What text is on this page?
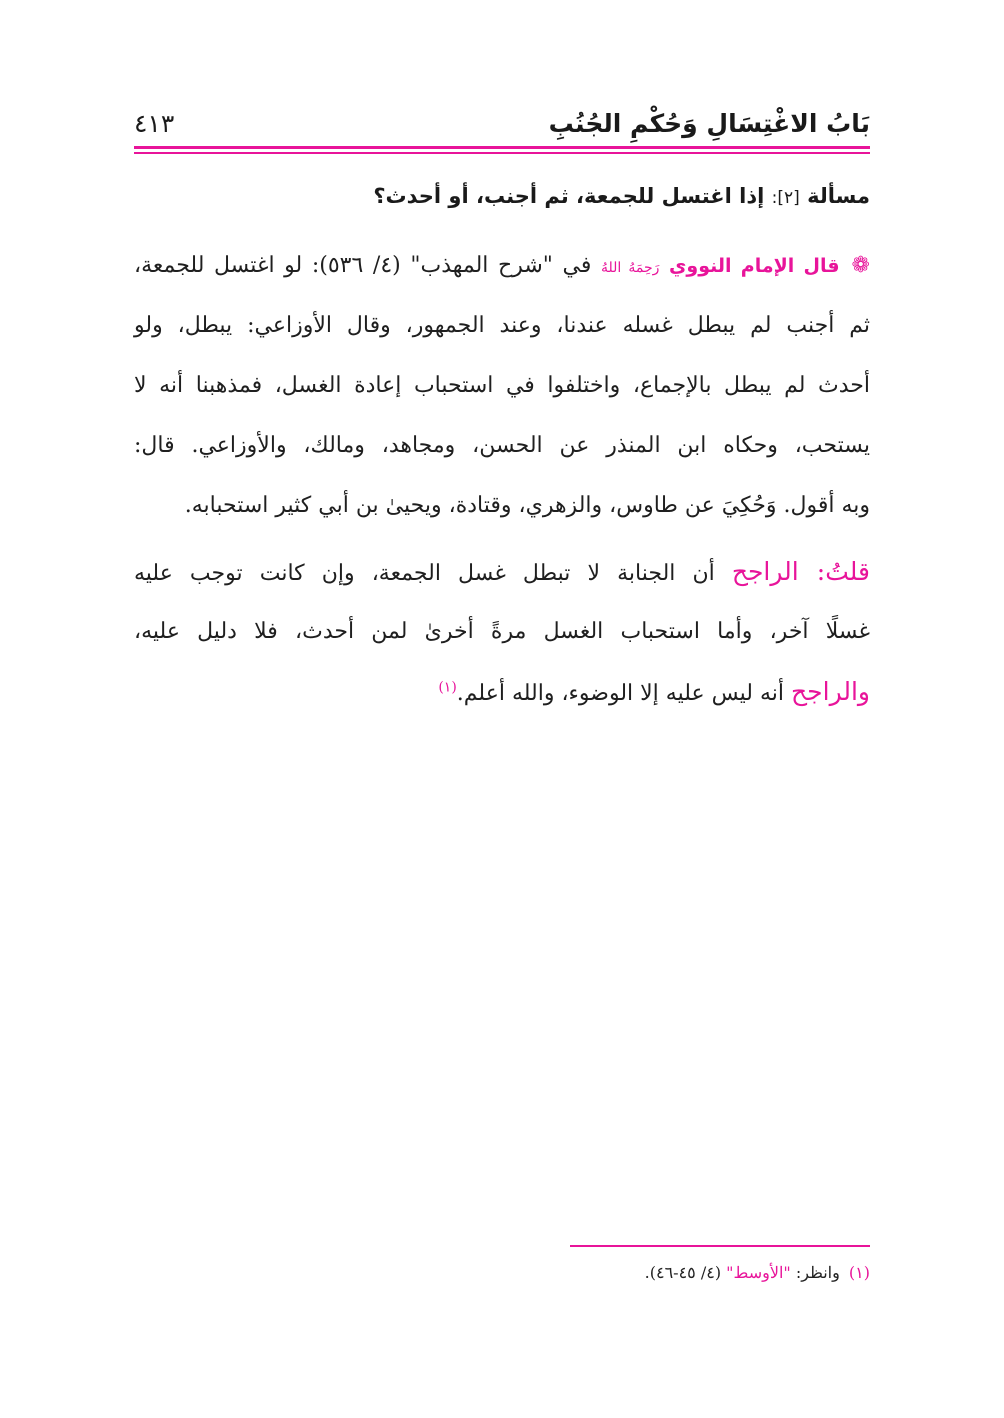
بَابُ الاغْتِسَالِ وَحُكْمِ الجُنُبِ
٤١٣
مسألة [٢]: إذا اغتسل للجمعة، ثم أجنب، أو أحدث؟
❁قال الإمام النووي رَحِمَهُ اللهُ في "شرح المهذب" (٤/ ٥٣٦): لو اغتسل للجمعة،
ثم أجنب لم يبطل غسله عندنا، وعند الجمهور، وقال الأوزاعي: يبطل، ولو
أحدث لم يبطل بالإجماع، واختلفوا في استحباب إعادة الغسل، فمذهبنا أنه لا
يستحب، وحكاه ابن المنذر عن الحسن، ومجاهد، ومالك، والأوزاعي. قال:
وبه أقول. وَحُكِيَ عن طاوس، والزهري، وقتادة، ويحيىٰ بن أبي كثير استحبابه.
قلتُ: الراجح أن الجنابة لا تبطل غسل الجمعة، وإن كانت توجب عليه
غسلًا آخر، وأما استحباب الغسل مرةً أخرىٰ لمن أحدث، فلا دليل عليه،
والراجح أنه ليس عليه إلا الوضوء، والله أعلم.$^{(١)}$
(١) وانظر: "الأوسط" (٤/ ٤٥-٤٦).
